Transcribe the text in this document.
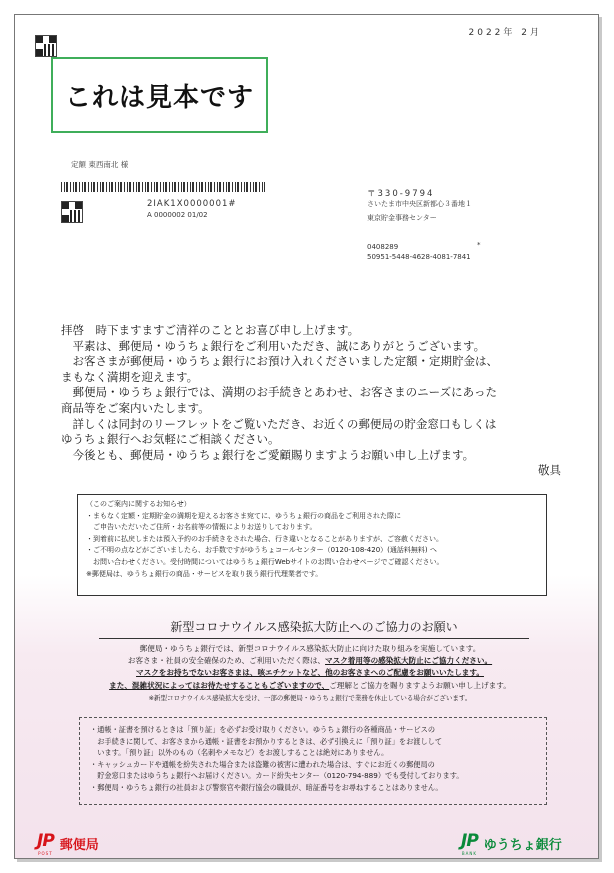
2022年 2月
これは見本です
定額 東西南北 様
2IAK1X0000001#
A 0000002 01/02
〒330-9794
さいたま市中央区新都心３番地１
東京貯金事務センター
0408289	*
50951-5448-4628-4081-7841
拝啓　時下ますますご清祥のこととお喜び申し上げます。
　平素は、郵便局・ゆうちょ銀行をご利用いただき、誠にありがとうございます。
　お客さまが郵便局・ゆうちょ銀行にお預け入れくださいました定額・定期貯金は、
まもなく満期を迎えます。
　郵便局・ゆうちょ銀行では、満期のお手続きとあわせ、お客さまのニーズにあった
商品等をご案内いたします。
　詳しくは同封のリーフレットをご覧いただき、お近くの郵便局の貯金窓口もしくは
ゆうちょ銀行へお気軽にご相談ください。
　今後とも、郵便局・ゆうちょ銀行をご愛顧賜りますようお願い申し上げます。
敬具
（このご案内に関するお知らせ）
・まもなく定額・定期貯金の満期を迎えるお客さま宛てに、ゆうちょ銀行の商品をご利用された際に
　ご申告いただいたご住所・お名前等の情報によりお送りしております。
・到着前に払戻しまたは預入予約のお手続きをされた場合、行き違いとなることがありますが、ご容赦ください。
・ご不明の点などがございましたら、お手数ですがゆうちょコールセンター（0120-108-420）(通話料無料) へ
　お問い合わせください。受付時間についてはゆうちょ銀行Webサイトのお問い合わせページでご確認ください。
※郵便局は、ゆうちょ銀行の商品・サービスを取り扱う銀行代理業者です。
新型コロナウイルス感染拡大防止へのご協力のお願い
郵便局・ゆうちょ銀行では、新型コロナウイルス感染拡大防止に向けた取り組みを実施しています。
お客さま・社員の安全確保のため、ご利用いただく際は、マスク着用等の感染拡大防止にご協力ください。
マスクをお持ちでないお客さまは、咳エチケットなど、他のお客さまへのご配慮をお願いいたします。
また、混雑状況によってはお待たせすることもございますので、ご理解とご協力を賜りますようお願い申し上げます。
※新型コロナウイルス感染拡大を受け、一部の郵便局・ゆうちょ銀行で業務を休止している場合がございます。
・通帳・証書を預けるときは「預り証」を必ずお受け取りください。ゆうちょ銀行の各種商品・サービスの
　お手続きに関して、お客さまから通帳・証書をお預かりするときは、必ず引換えに「預り証」をお渡しして
　います。「預り証」以外のもの（名刺やメモなど）をお渡しすることは絶対にありません。
・キャッシュカードや通帳を紛失された場合または盗難の被害に遭われた場合は、すぐにお近くの郵便局の
　貯金窓口またはゆうちょ銀行へお届けください。カード紛失センター（0120-794-889）でも受付しております。
・郵便局・ゆうちょ銀行の社員および警察官や銀行協会の職員が、暗証番号をお尋ねすることはありません。
JP
POST
郵便局	JP
BANK
ゆうちょ銀行
